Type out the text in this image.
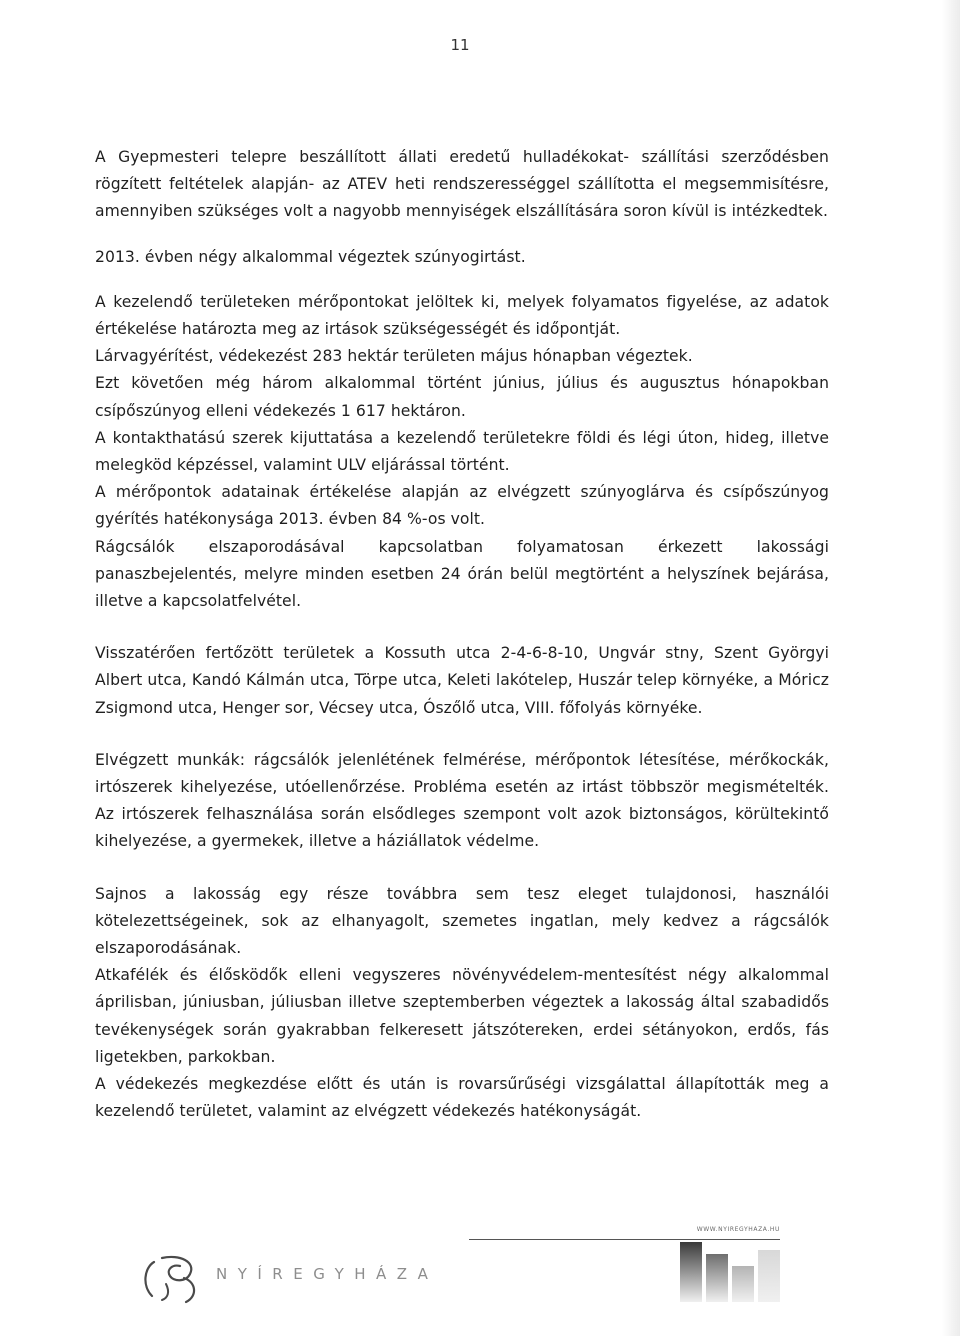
11

A Gyepmesteri telepre beszállított állati eredetű hulladékokat- szállítási szerződésben rögzített feltételek alapján- az ATEV heti rendszerességgel szállította el megsemmisítésre, amennyiben szükséges volt a nagyobb mennyiségek elszállítására soron kívül is intézkedtek.

2013. évben négy alkalommal végeztek szúnyogirtást.

A kezelendő területeken mérőpontokat jelöltek ki, melyek folyamatos figyelése, az adatok értékelése határozta meg az irtások szükségességét és időpontját.

Lárvagyérítést, védekezést 283 hektár területen május hónapban végeztek.

Ezt követően még három alkalommal történt június, július és augusztus hónapokban csípőszúnyog elleni védekezés 1 617 hektáron.

A kontakthatású szerek kijuttatása a kezelendő területekre földi és légi úton, hideg, illetve melegköd képzéssel, valamint ULV eljárással történt.

A mérőpontok adatainak értékelése alapján az elvégzett szúnyoglárva és csípőszúnyog gyérítés hatékonysága 2013. évben 84 %-os volt.

Rágcsálók elszaporodásával kapcsolatban folyamatosan érkezett lakossági panaszbejelentés, melyre minden esetben 24 órán belül megtörtént a helyszínek bejárása, illetve a kapcsolatfelvétel.

Visszatérően fertőzött területek a Kossuth utca 2-4-6-8-10, Ungvár stny, Szent Györgyi Albert utca, Kandó Kálmán utca, Törpe utca, Keleti lakótelep, Huszár telep környéke, a Móricz Zsigmond utca, Henger sor, Vécsey utca, Ószőlő utca, VIII. főfolyás környéke.

Elvégzett munkák: rágcsálók jelenlétének felmérése, mérőpontok létesítése, mérőkockák, irtószerek kihelyezése, utóellenőrzése. Probléma esetén az irtást többször megismételték. Az irtószerek felhasználása során elsődleges szempont volt azok biztonságos, körültekintő kihelyezése, a gyermekek, illetve a háziállatok védelme.

Sajnos a lakosság egy része továbbra sem tesz eleget tulajdonosi, használói kötelezettségeinek, sok az elhanyagolt, szemetes ingatlan, mely kedvez a rágcsálók elszaporodásának.

Atkafélék és élősködők elleni vegyszeres növényvédelem-mentesítést négy alkalommal áprilisban, júniusban, júliusban illetve szeptemberben végeztek a lakosság által szabadidős tevékenységek során gyakrabban felkeresett játszótereken, erdei sétányokon, erdős, fás ligetekben, parkokban.

A védekezés megkezdése előtt és után is rovarsűrűségi vizsgálattal állapították meg a kezelendő területet, valamint az elvégzett védekezés hatékonyságát.

WWW.NYIREGYHAZA.HU
NYÍREGYHÁZA
